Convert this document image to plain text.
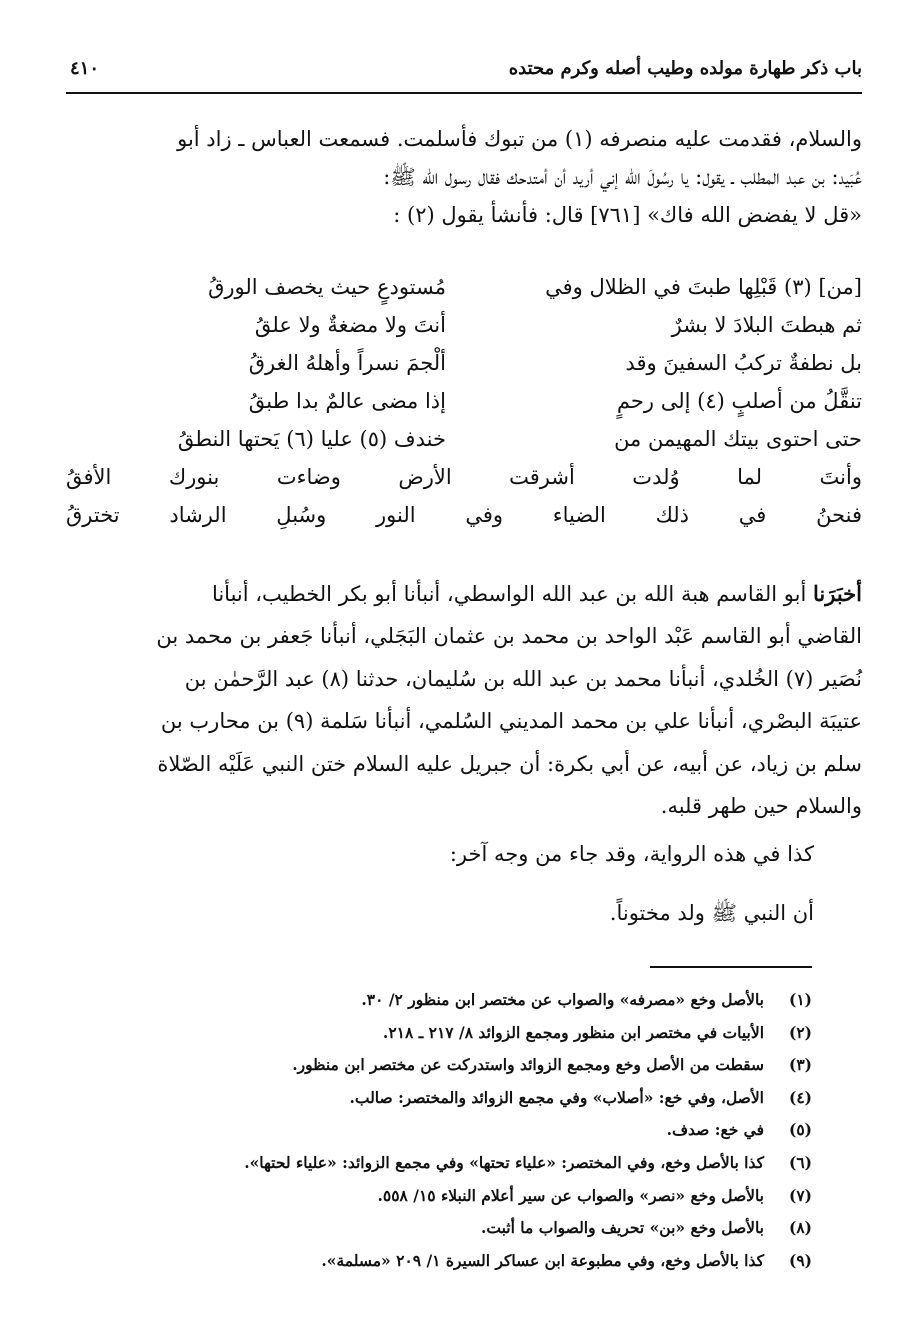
باب ذكر طهارة مولده وطيب أصله وكرم محتده
٤١٠

والسلام، فقدمت عليه منصرفه (١) من تبوك فأسلمت. فسمعت العباس ـ زاد أبو

عُبَيد: بن عبد المطلب ـ يقول: يا رسُولَ الله إني أريد أن أمتدحك فقال رسول الله ﷺ:

«قل لا يفضض الله فاك» [٧٦١] قال: فأنشأ يقول (٢) :

[من] (٣) قَبْلِها طبتَ في الظلال وفي
مُستودعٍ حيث يخصف الورقُ
ثم هبطتَ البلادَ لا بشرٌ
أنتَ ولا مضغةٌ ولا علقُ
بل نطفةٌ تركبُ السفينَ وقد
ألْجمَ نسراً وأهلهُ الغرقُ
تنقَّلُ من أصلبٍ (٤) إلى رحمٍ
إذا مضى عالمٌ بدا طبقُ
حتى احتوى بيتك المهيمن من
خندف (٥) عليا (٦) يَحتها النطقُ
وأنتَ لما وُلدت أشرقت الأرض وضاءت بنورك الأفقُ
فنحنُ في ذلك الضياء وفي النور وسُبلِ الرشاد تخترقُ

أخبَرَنا أبو القاسم هبة الله بن عبد الله الواسطي، أنبأنا أبو بكر الخطيب، أنبأنا

القاضي أبو القاسم عَبْد الواحد بن محمد بن عثمان البَجَلي، أنبأنا جَعفر بن محمد بن

نُصَير (٧) الخُلدي، أنبأنا محمد بن عبد الله بن سُليمان، حدثنا (٨) عبد الرَّحمٰن بن

عتيبَة البصْري، أنبأنا علي بن محمد المديني السُلمي، أنبأنا سَلمة (٩) بن محارب بن

سلم بن زياد، عن أبيه، عن أبي بكرة: أن جبريل عليه السلام ختن النبي عَلَيْه الصّلاة

والسلام حين طهر قلبه.

كذا في هذه الرواية، وقد جاء من وجه آخر:
أن النبي ﷺ ولد مختوناً.
(١)
بالأصل وخع «مصرفه» والصواب عن مختصر ابن منظور ٢/ ٣٠.
(٢)
الأبيات في مختصر ابن منظور ومجمع الزوائد ٨/ ٢١٧ ـ ٢١٨.
(٣)
سقطت من الأصل وخع ومجمع الزوائد واستدركت عن مختصر ابن منظور.
(٤)
الأصل، وفي خع: «أصلاب» وفي مجمع الزوائد والمختصر: صالب.
(٥)
في خع: صدف.
(٦)
كذا بالأصل وخع، وفي المختصر: «علياء تحتها» وفي مجمع الزوائد: «علياء لحتها».
(٧)
بالأصل وخع «نصر» والصواب عن سير أعلام النبلاء ١٥/ ٥٥٨.
(٨)
بالأصل وخع «بن» تحريف والصواب ما أثبت.
(٩)
كذا بالأصل وخع، وفي مطبوعة ابن عساكر السيرة ١/ ٢٠٩ «مسلمة».
